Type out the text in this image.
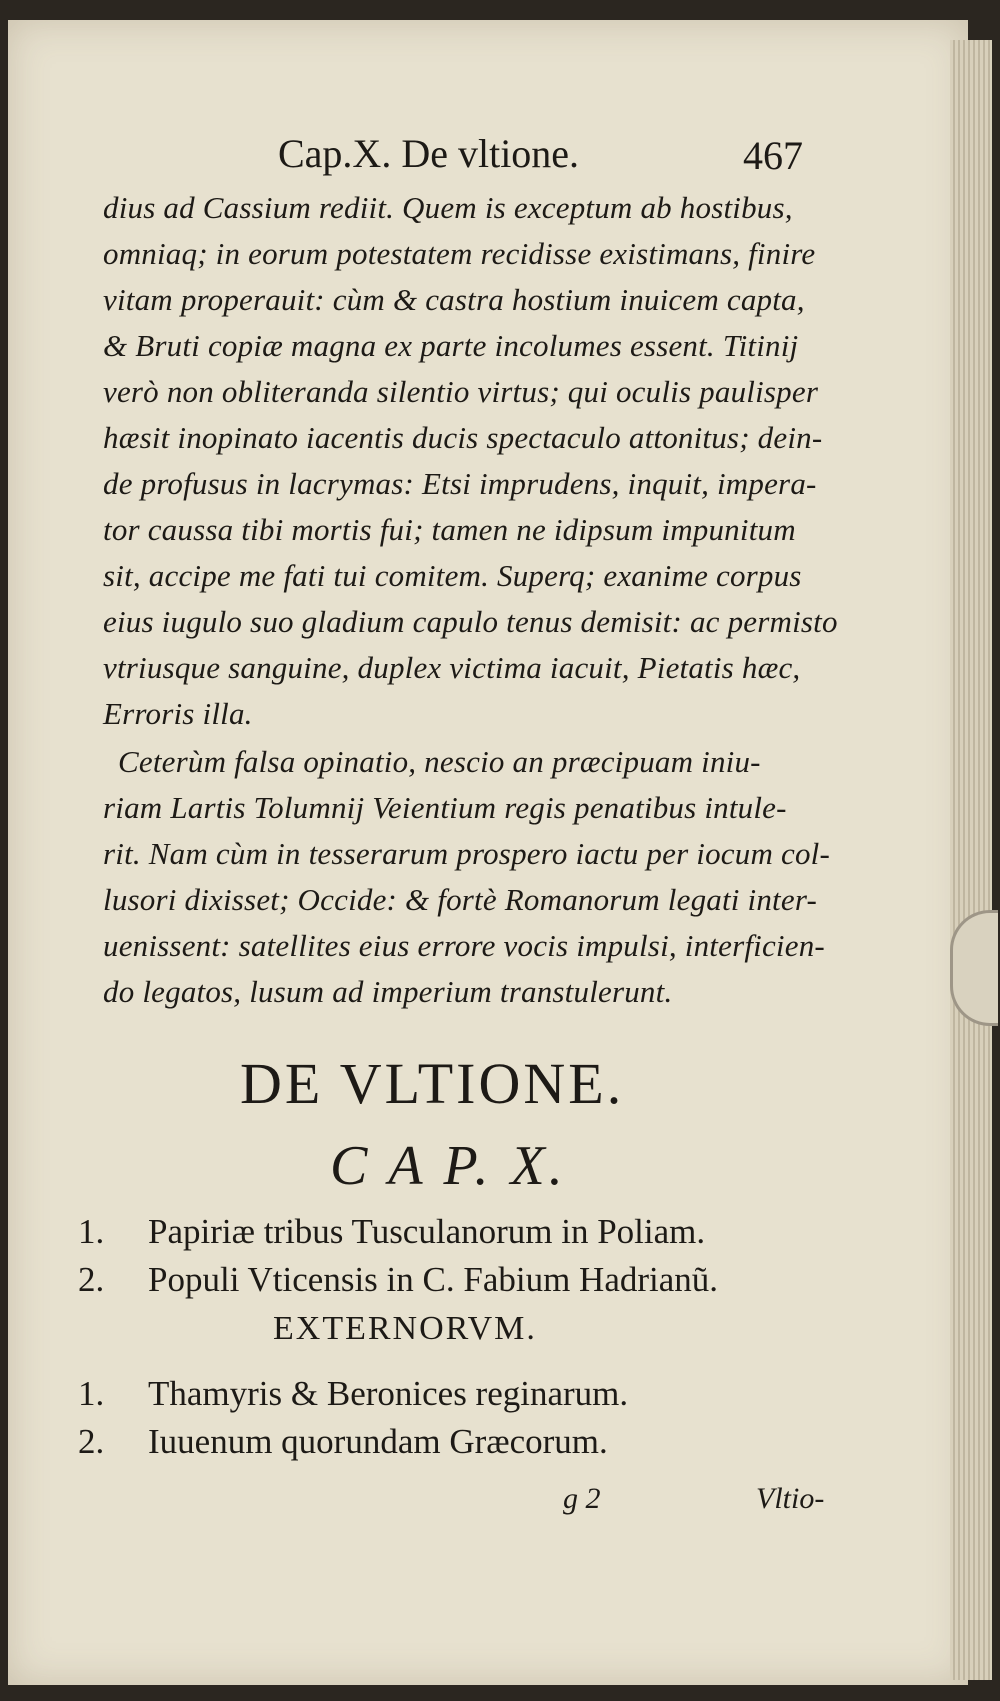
Cap.X. De vltione.	467
dius ad Cassium rediit. Quem is exceptum ab hostibus,
omniaq; in eorum potestatem recidisse existimans, finire
vitam properauit: cùm & castra hostium inuicem capta,
& Bruti copiæ magna ex parte incolumes essent. Titinij
verò non obliteranda silentio virtus; qui oculis paulisper
hæsit inopinato iacentis ducis spectaculo attonitus; dein-
de profusus in lacrymas: Etsi imprudens, inquit, impera-
tor caussa tibi mortis fui; tamen ne idipsum impunitum
sit, accipe me fati tui comitem. Superq; exanime corpus
eius iugulo suo gladium capulo tenus demisit: ac permisto
vtriusque sanguine, duplex victima iacuit, Pietatis hæc,
Erroris illa.
Ceterùm falsa opinatio, nescio an præcipuam iniu-
riam Lartis Tolumnij Veientium regis penatibus intule-
rit. Nam cùm in tesserarum prospero iactu per iocum col-
lusori dixisset; Occide: & fortè Romanorum legati inter-
uenissent: satellites eius errore vocis impulsi, interficien-
do legatos, lusum ad imperium transtulerunt.
DE VLTIONE.
C A P. X.
1. Papiriæ tribus Tusculanorum in Poliam.
2. Populi Vticensis in C. Fabium Hadrianũ.
EXTERNORVM.
1. Thamyris & Beronices reginarum.
2. Iuuenum quorundam Græcorum.
g 2	Vltio-
